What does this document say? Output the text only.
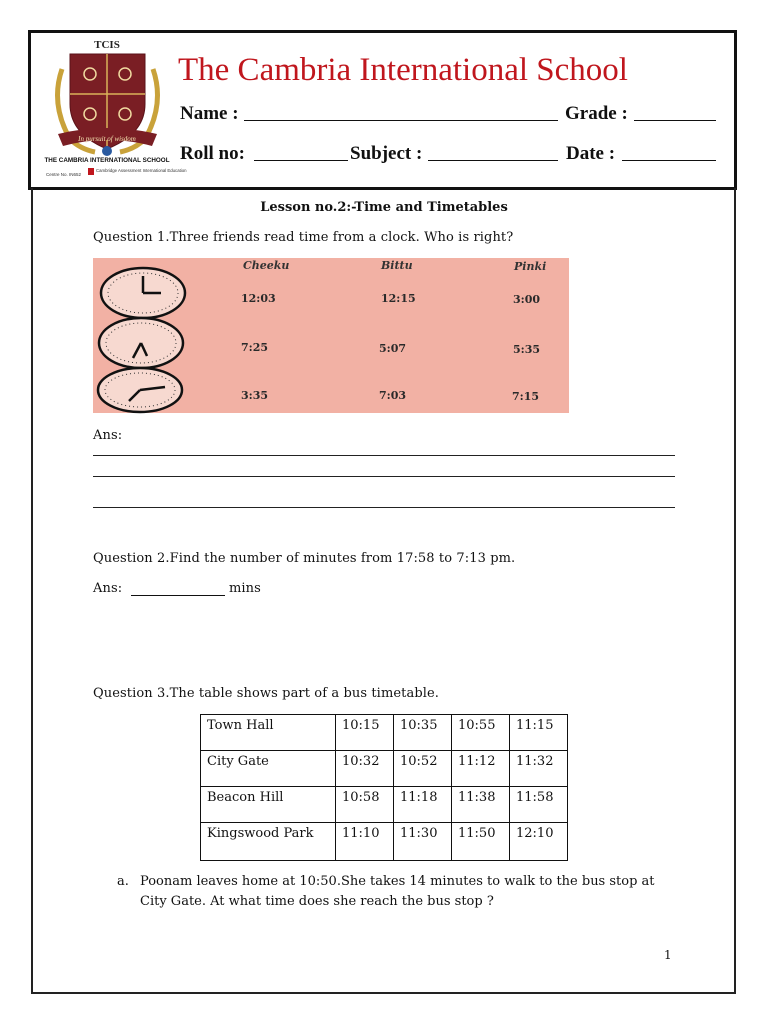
TCIS
In pursuit of wisdom
THE CAMBRIA INTERNATIONAL SCHOOL
Centre No. IN652
Cambridge Assessment International Education
The Cambria International School
Name :	Grade :
Roll no:	Subject :	Date :
Lesson no.2:-Time and Timetables
Question 1.Three friends read time from a clock. Who is right?
Cheeku	Bittu	Pinki
12:03	12:15	3:00
7:25	5:07	5:35
3:35	7:03	7:15
Ans:
Question 2.Find the number of minutes from 17:58 to 7:13 pm.
Ans:	mins
Question 3.The table shows part of a bus timetable.
Town Hall	10:15	10:35	10:55	11:15
City Gate	10:32	10:52	11:12	11:32
Beacon Hill	10:58	11:18	11:38	11:58
Kingswood Park	11:10	11:30	11:50	12:10
a. Poonam leaves home at 10:50.She takes 14 minutes to walk to the bus stop at City Gate. At what time does she reach the bus stop ?
1
